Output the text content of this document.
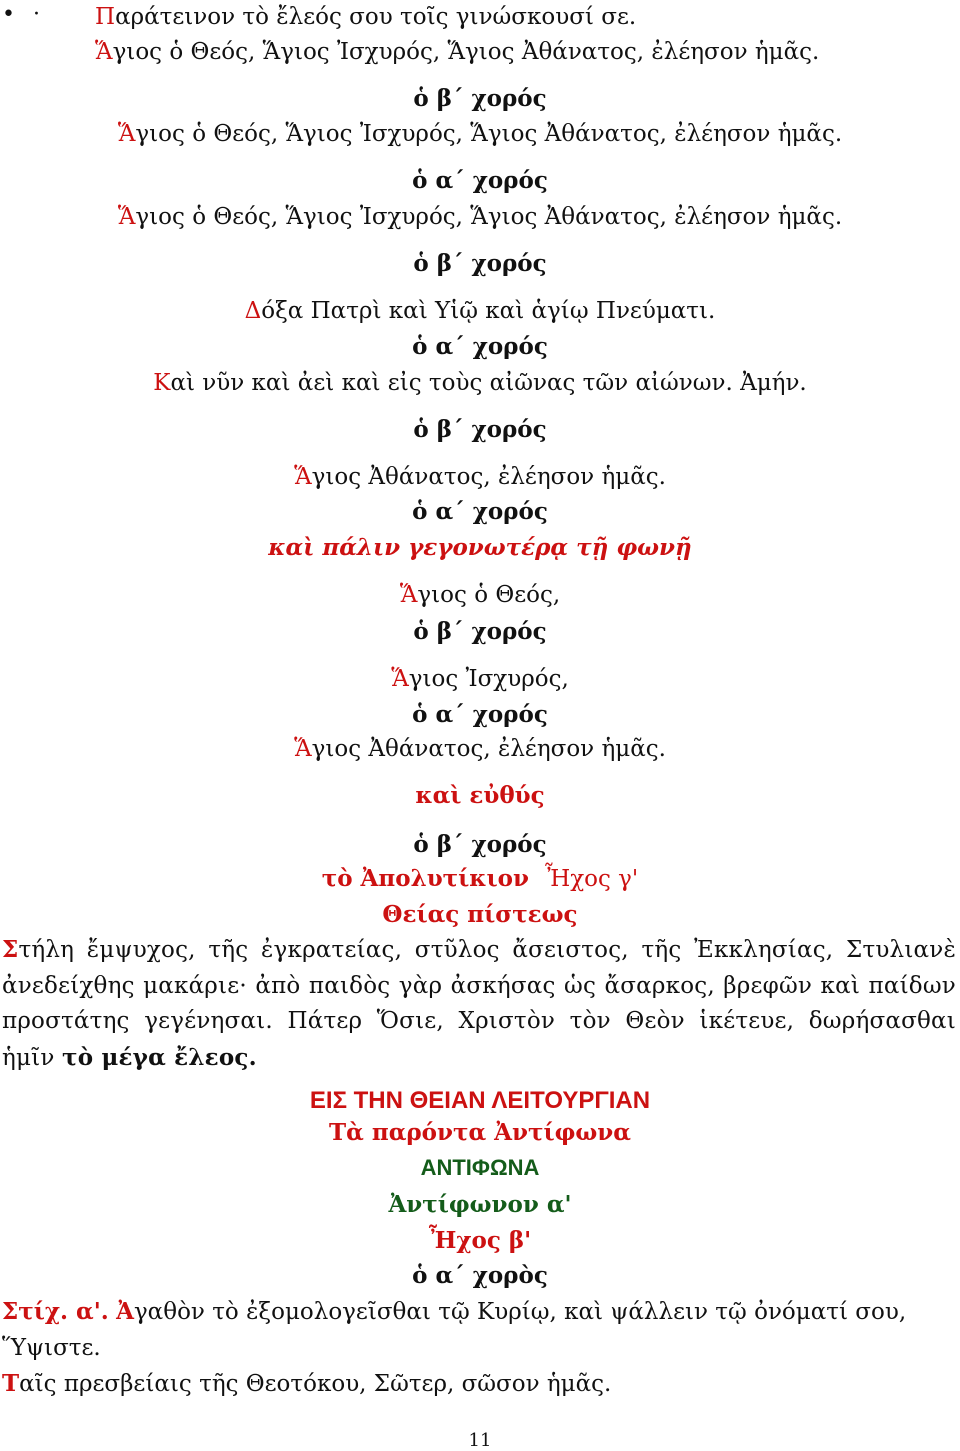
• · Παράτεινον τὸ ἔλεός σου τοῖς γινώσκουσί σε.
Ἅγιος ὁ Θεός, Ἅγιος Ἰσχυρός, Ἅγιος Ἀθάνατος, ἐλέησον ἡμᾶς.
ὁ β΄ χορός
Ἅγιος ὁ Θεός, Ἅγιος Ἰσχυρός, Ἅγιος Ἀθάνατος, ἐλέησον ἡμᾶς.
ὁ α΄ χορός
Ἅγιος ὁ Θεός, Ἅγιος Ἰσχυρός, Ἅγιος Ἀθάνατος, ἐλέησον ἡμᾶς.
ὁ β΄ χορός
Δόξα Πατρὶ καὶ Υἱῷ καὶ ἁγίῳ Πνεύματι.
ὁ α΄ χορός
Καὶ νῦν καὶ ἀεὶ καὶ εἰς τοὺς αἰῶνας τῶν αἰώνων. Ἀμήν.
ὁ β΄ χορός
Ἅγιος Ἀθάνατος, ἐλέησον ἡμᾶς.
ὁ α΄ χορός
καὶ πάλιν γεγονωτέρᾳ τῇ φωνῇ
Ἅγιος ὁ Θεός,
ὁ β΄ χορός
Ἅγιος Ἰσχυρός,
ὁ α΄ χορός
Ἅγιος Ἀθάνατος, ἐλέησον ἡμᾶς.
καὶ εὐθύς
ὁ β΄ χορός
τὸ Ἀπολυτίκιον Ἦχος γ'
Θείας πίστεως
Στήλη ἔμψυχος, τῆς ἐγκρατείας, στῦλος ἄσειστος, τῆς Ἐκκλησίας, Στυλιανὲ ἀνεδείχθης μακάριε· ἀπὸ παιδὸς γὰρ ἀσκήσας ὡς ἄσαρκος, βρεφῶν καὶ παίδων προστάτης γεγένησαι. Πάτερ Ὅσιε, Χριστὸν τὸν Θεὸν ἱκέτευε, δωρήσασθαι ἡμῖν τὸ μέγα ἔλεος.
ΕΙΣ ΤΗΝ ΘΕΙΑΝ ΛΕΙΤΟΥΡΓΙΑΝ
Τὰ παρόντα Ἀντίφωνα
ΑΝΤΙΦΩΝΑ
Ἀντίφωνον α'
Ἦχος β'
ὁ α΄ χορὸς
Στίχ. α'. Ἀγαθὸν τὸ ἐξομολογεῖσθαι τῷ Κυρίῳ, καὶ ψάλλειν τῷ ὀνόματί σου,
Ὕψιστε.
Ταῖς πρεσβείαις τῆς Θεοτόκου, Σῶτερ, σῶσον ἡμᾶς.
11
